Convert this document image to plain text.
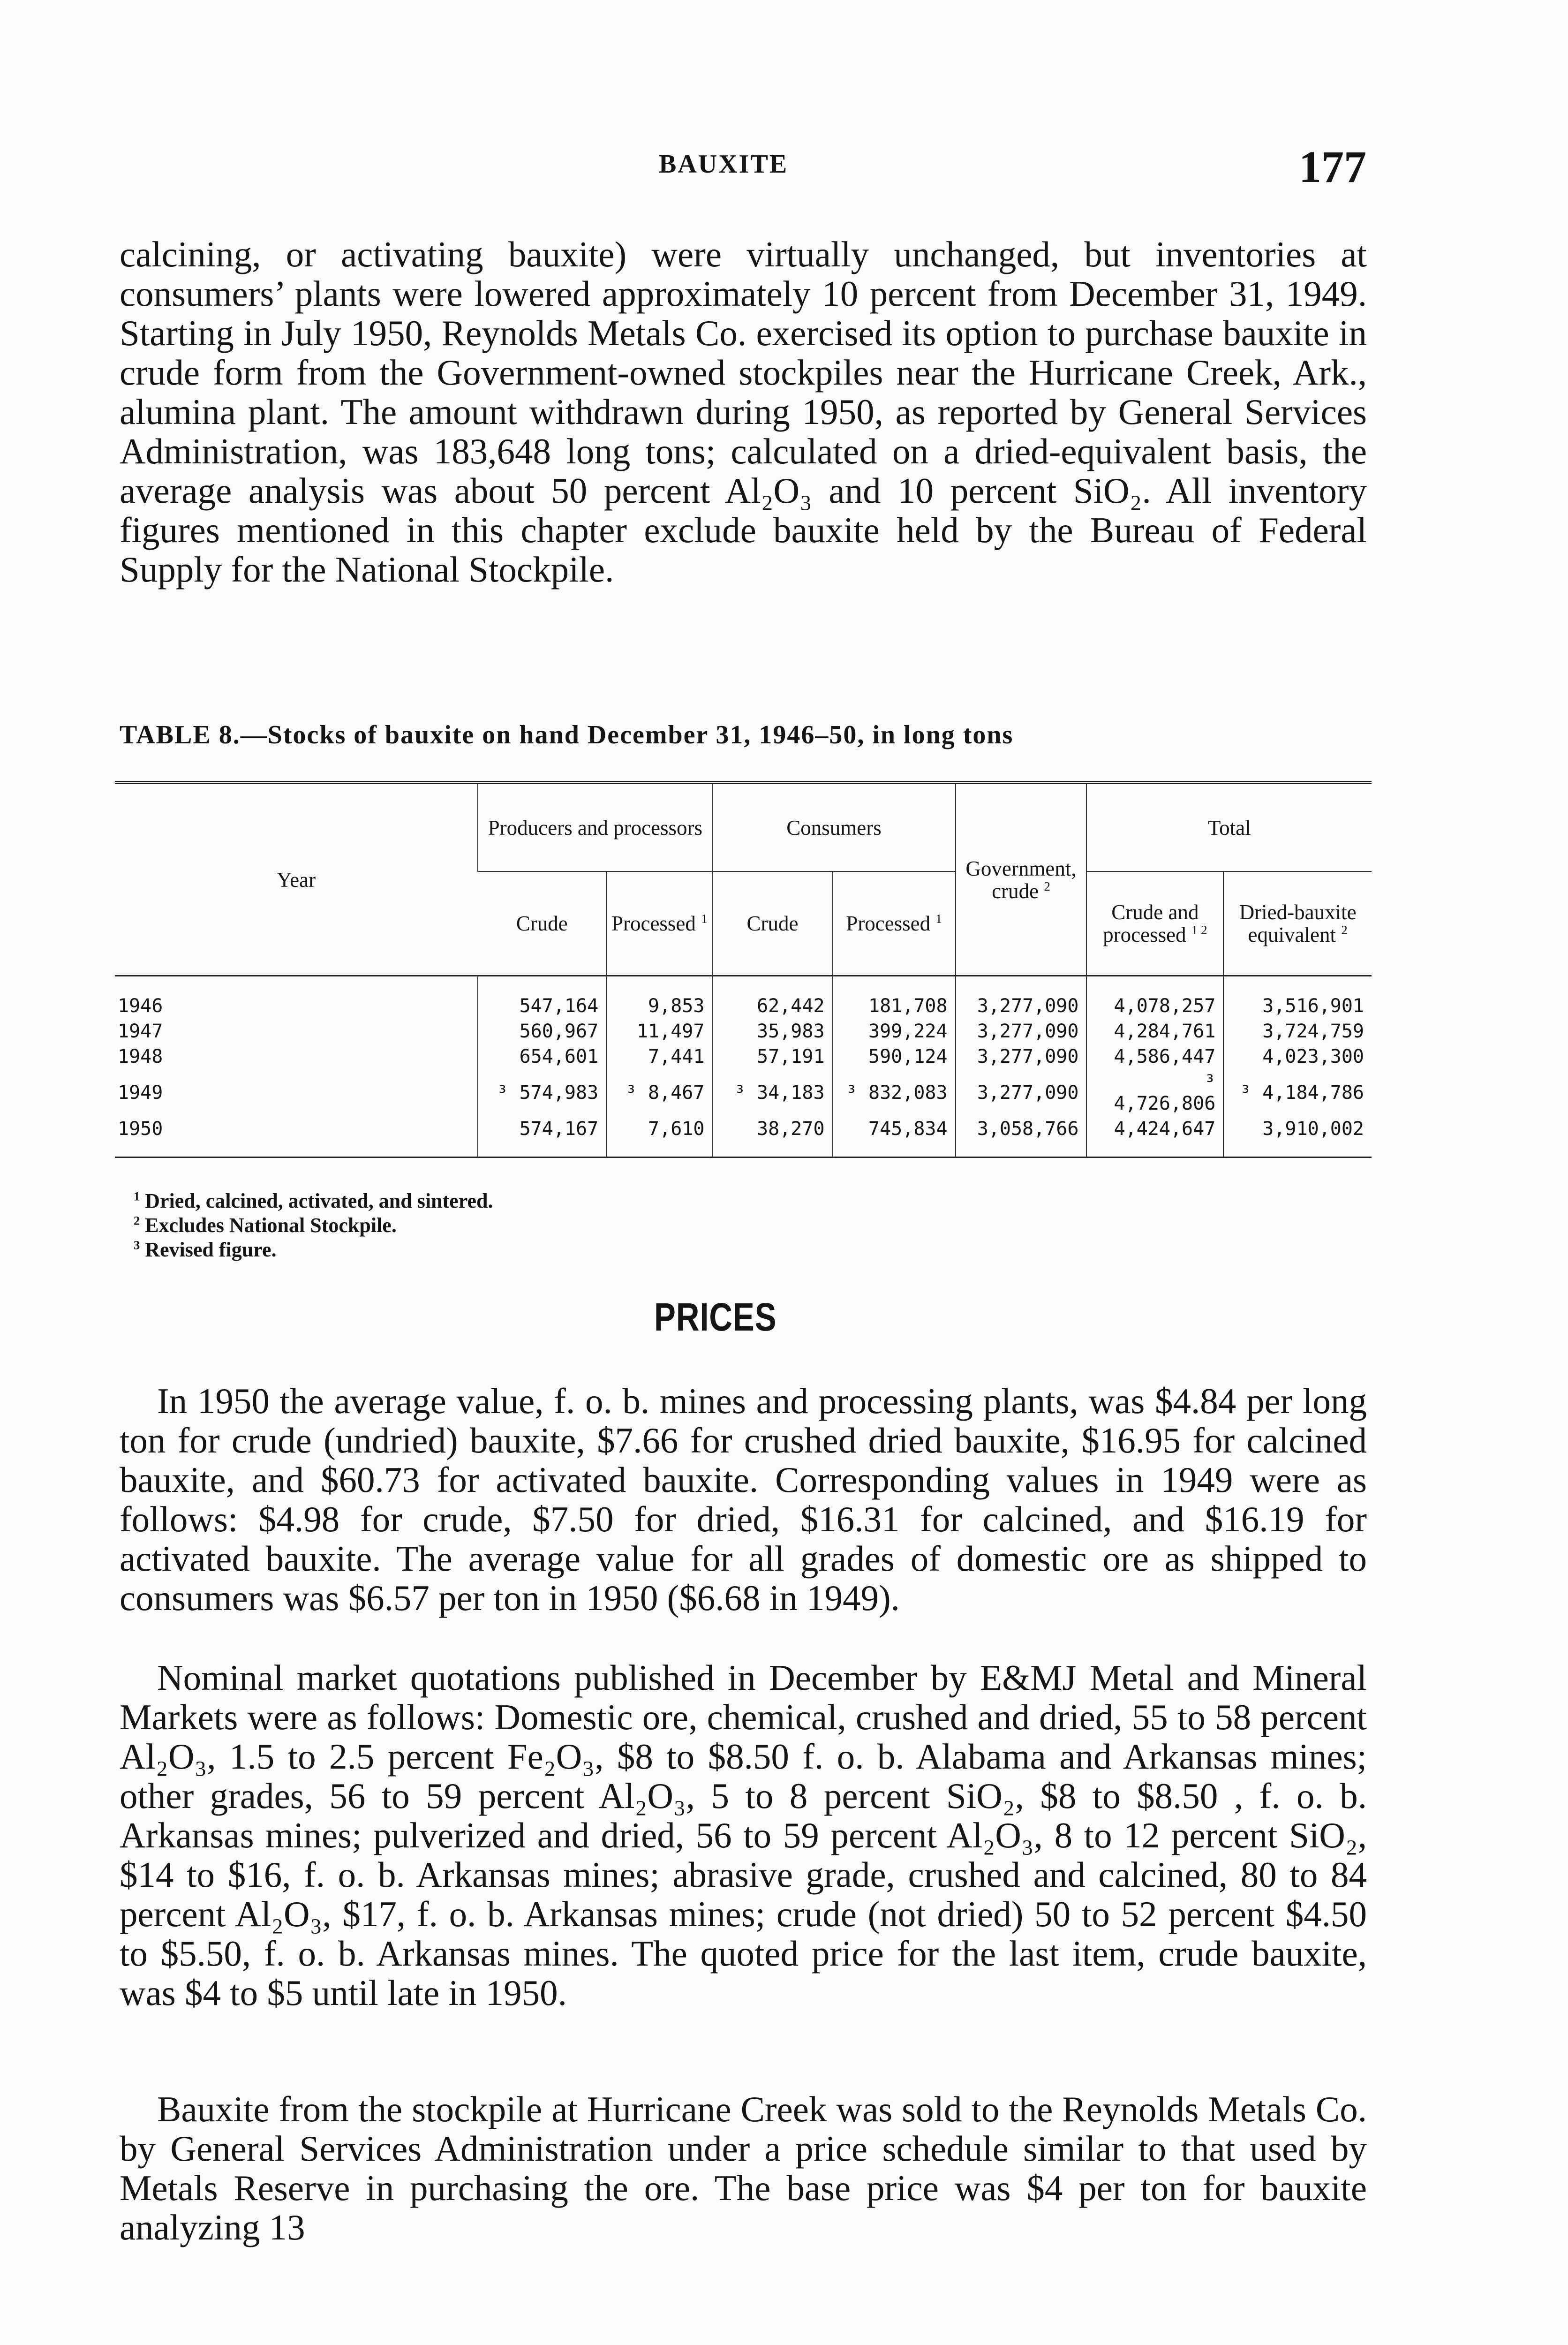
BAUXITE	177

calcining, or activating bauxite) were virtually unchanged, but inventories at consumers’ plants were lowered approximately 10 percent from December 31, 1949. Starting in July 1950, Reynolds Metals Co. exercised its option to purchase bauxite in crude form from the Government-owned stockpiles near the Hurricane Creek, Ark., alumina plant. The amount withdrawn during 1950, as reported by General Services Administration, was 183,648 long tons; calculated on a dried-equivalent basis, the average analysis was about 50 percent Al₂O₃ and 10 percent SiO₂. All inventory figures mentioned in this chapter exclude bauxite held by the Bureau of Federal Supply for the National Stockpile.

TABLE 8.—Stocks of bauxite on hand December 31, 1946–50, in long tons

Year	Producers and processors		Consumers		Government, crude $^2$	Total	
	Crude	Processed $^1$	Crude	Processed $^1$		Crude and processed $^{1 2}$	Dried-bauxite equivalent $^2$
1946	547,164	9,853	62,442	181,708	3,277,090	4,078,257	3,516,901
1947	560,967	11,497	35,983	399,224	3,277,090	4,284,761	3,724,759
1948	654,601	7,441	57,191	590,124	3,277,090	4,586,447	4,023,300
1949	³ 574,983	³ 8,467	³ 34,183	³ 832,083	3,277,090	³ 4,726,806	³ 4,184,786
1950	574,167	7,610	38,270	745,834	3,058,766	4,424,647	3,910,002
$^1$ Dried, calcined, activated, and sintered.
$^2$ Excludes National Stockpile.
$^3$ Revised figure.
PRICES

In 1950 the average value, f. o. b. mines and processing plants, was $4.84 per long ton for crude (undried) bauxite, $7.66 for crushed dried bauxite, $16.95 for calcined bauxite, and $60.73 for activated bauxite. Corresponding values in 1949 were as follows: $4.98 for crude, $7.50 for dried, $16.31 for calcined, and $16.19 for activated bauxite. The average value for all grades of domestic ore as shipped to consumers was $6.57 per ton in 1950 ($6.68 in 1949).

Nominal market quotations published in December by E&MJ Metal and Mineral Markets were as follows: Domestic ore, chemical, crushed and dried, 55 to 58 percent Al₂O₃, 1.5 to 2.5 percent Fe₂O₃, $8 to $8.50 f. o. b. Alabama and Arkansas mines; other grades, 56 to 59 percent Al₂O₃, 5 to 8 percent SiO₂, $8 to $8.50 , f. o. b. Arkansas mines; pulverized and dried, 56 to 59 percent Al₂O₃, 8 to 12 percent SiO₂, $14 to $16, f. o. b. Arkansas mines; abrasive grade, crushed and calcined, 80 to 84 percent Al₂O₃, $17, f. o. b. Arkansas mines; crude (not dried) 50 to 52 percent $4.50 to $5.50, f. o. b. Arkansas mines. The quoted price for the last item, crude bauxite, was $4 to $5 until late in 1950.

Bauxite from the stockpile at Hurricane Creek was sold to the Reynolds Metals Co. by General Services Administration under a price schedule similar to that used by Metals Reserve in purchasing the ore. The base price was $4 per ton for bauxite analyzing 13
